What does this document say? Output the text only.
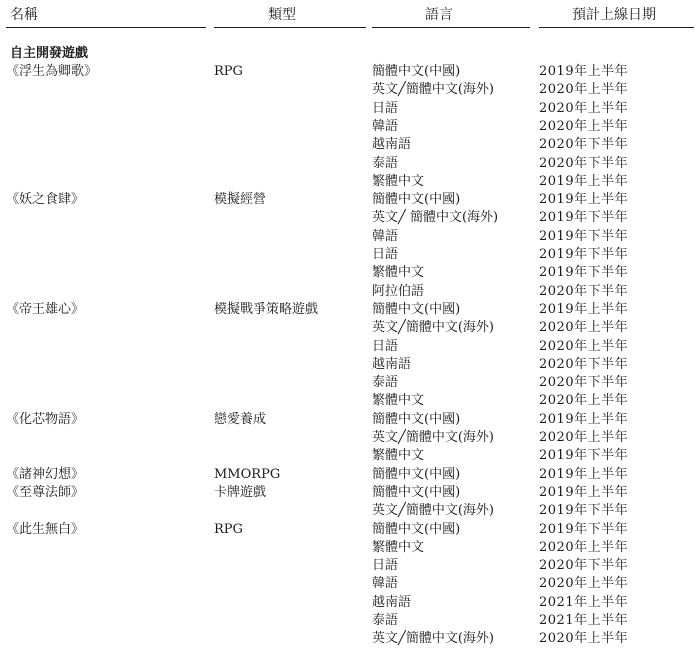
名稱	類型	語言	預計上線日期
自主開發遊戲
《浮生為卿歌》	RPG	簡體中文(中國)	2019年上半年
英文╱簡體中文(海外)	2020年上半年
日語	2020年上半年
韓語	2020年上半年
越南語	2020年下半年
泰語	2020年下半年
繁體中文	2019年上半年
《妖之食肆》	模擬經營	簡體中文(中國)	2019年上半年
英文╱ 簡體中文(海外)	2019年下半年
韓語	2019年下半年
日語	2019年下半年
繁體中文	2019年下半年
阿拉伯語	2020年下半年
《帝王雄心》	模擬戰爭策略遊戲	簡體中文(中國)	2019年上半年
英文╱簡體中文(海外)	2020年上半年
日語	2020年上半年
越南語	2020年下半年
泰語	2020年下半年
繁體中文	2020年上半年
《化芯物語》	戀愛養成	簡體中文(中國)	2019年上半年
英文╱簡體中文(海外)	2020年上半年
繁體中文	2019年下半年
《諸神幻想》	MMORPG	簡體中文(中國)	2019年上半年
《至尊法師》	卡牌遊戲	簡體中文(中國)	2019年上半年
英文╱簡體中文(海外)	2019年下半年
《此生無白》	RPG	簡體中文(中國)	2019年下半年
繁體中文	2020年上半年
日語	2020年下半年
韓語	2020年上半年
越南語	2021年上半年
泰語	2021年上半年
英文╱簡體中文(海外)	2020年上半年
